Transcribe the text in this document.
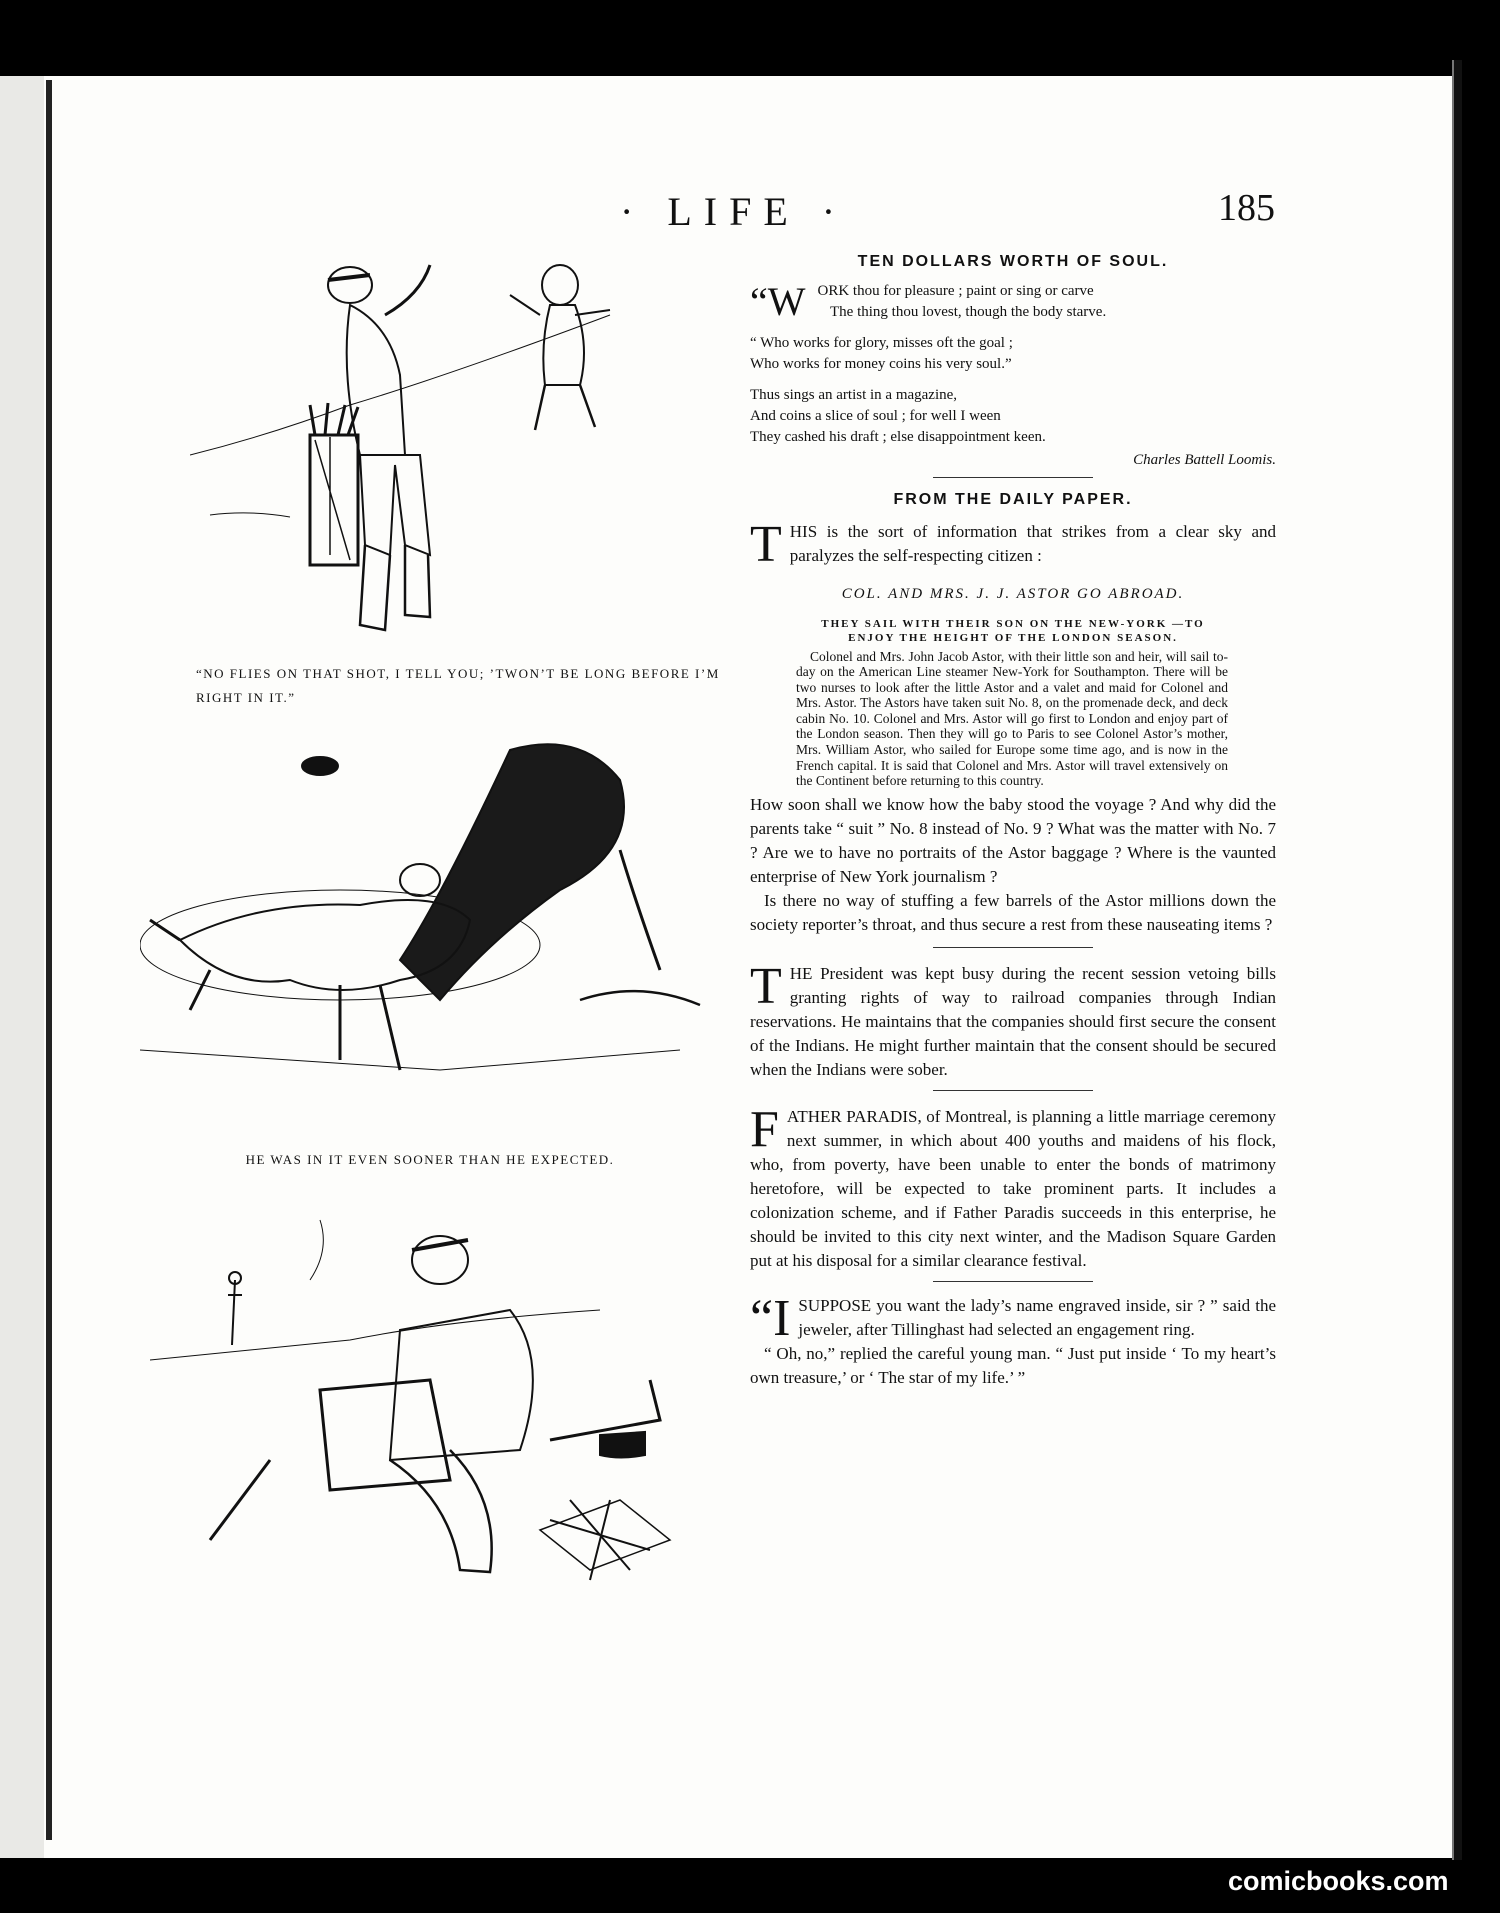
· LIFE ·	185
“NO FLIES ON THAT SHOT, I TELL YOU; ’TWON’T BE LONG BEFORE I’M RIGHT IN IT.”
HE WAS IN IT EVEN SOONER THAN HE EXPECTED.
TEN DOLLARS WORTH OF SOUL.

“WORK thou for pleasure ; paint or sing or carve

The thing thou lovest, though the body starve.

“ Who works for glory, misses oft the goal ;

Who works for money coins his very soul.”

Thus sings an artist in a magazine,

And coins a slice of soul ; for well I ween

They cashed his draft ; else disappointment keen.

Charles Battell Loomis.
FROM THE DAILY PAPER.

THIS is the sort of information that strikes from a clear sky and paralyzes the self-respecting citizen :

COL. AND MRS. J. J. ASTOR GO ABROAD.

THEY SAIL WITH THEIR SON ON THE NEW-YORK —TO ENJOY THE HEIGHT OF THE LONDON SEASON.

Colonel and Mrs. John Jacob Astor, with their little son and heir, will sail to-day on the American Line steamer New-York for Southampton. There will be two nurses to look after the little Astor and a valet and maid for Colonel and Mrs. Astor. The Astors have taken suit No. 8, on the promenade deck, and deck cabin No. 10. Colonel and Mrs. Astor will go first to London and enjoy part of the London season. Then they will go to Paris to see Colonel Astor’s mother, Mrs. William Astor, who sailed for Europe some time ago, and is now in the French capital. It is said that Colonel and Mrs. Astor will travel extensively on the Continent before returning to this country.

How soon shall we know how the baby stood the voyage ? And why did the parents take “ suit ” No. 8 instead of No. 9 ? What was the matter with No. 7 ? Are we to have no portraits of the Astor baggage ? Where is the vaunted enterprise of New York journalism ?

Is there no way of stuffing a few barrels of the Astor millions down the society reporter’s throat, and thus secure a rest from these nauseating items ?

THE President was kept busy during the recent session vetoing bills granting rights of way to railroad companies through Indian reservations. He maintains that the companies should first secure the consent of the Indians. He might further maintain that the consent should be secured when the Indians were sober.

FATHER PARADIS, of Montreal, is planning a little marriage ceremony next summer, in which about 400 youths and maidens of his flock, who, from poverty, have been unable to enter the bonds of matrimony heretofore, will be expected to take prominent parts. It includes a colonization scheme, and if Father Paradis succeeds in this enterprise, he should be invited to this city next winter, and the Madison Square Garden put at his disposal for a similar clearance festival.

“ISUPPOSE you want the lady’s name engraved inside, sir ? ” said the jeweler, after Tillinghast had selected an engagement ring.

“ Oh, no,” replied the careful young man. “ Just put inside ‘ To my heart’s own treasure,’ or ‘ The star of my life.’ ”

comicbooks.com
